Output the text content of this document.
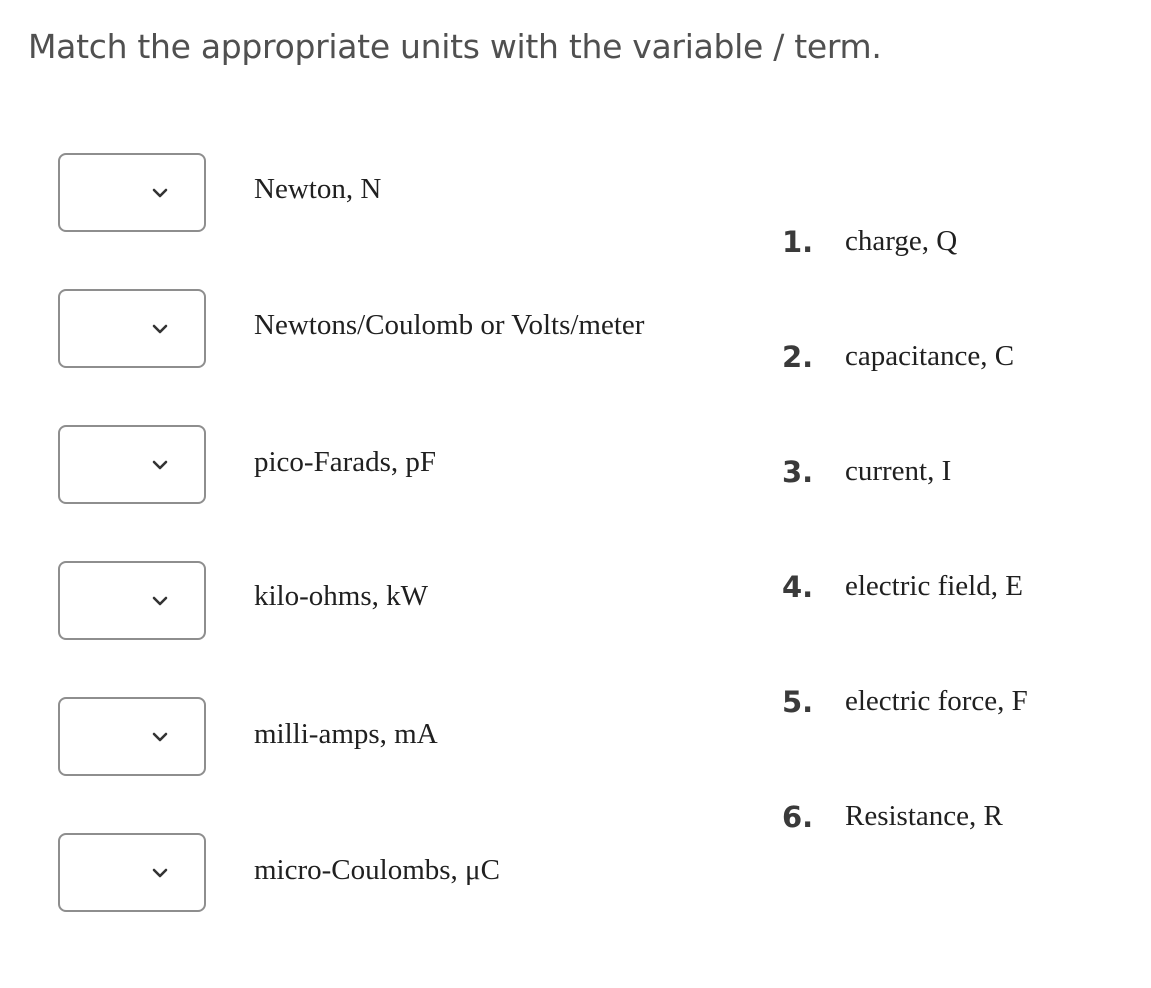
Match the appropriate units with the variable / term.
Newton, N
Newtons/Coulomb or Volts/meter
pico-Farads, pF
kilo-ohms, kW
milli-amps, mA
micro-Coulombs, μC
1. charge, Q
2. capacitance, C
3. current, I
4. electric field, E
5. electric force, F
6. Resistance, R
